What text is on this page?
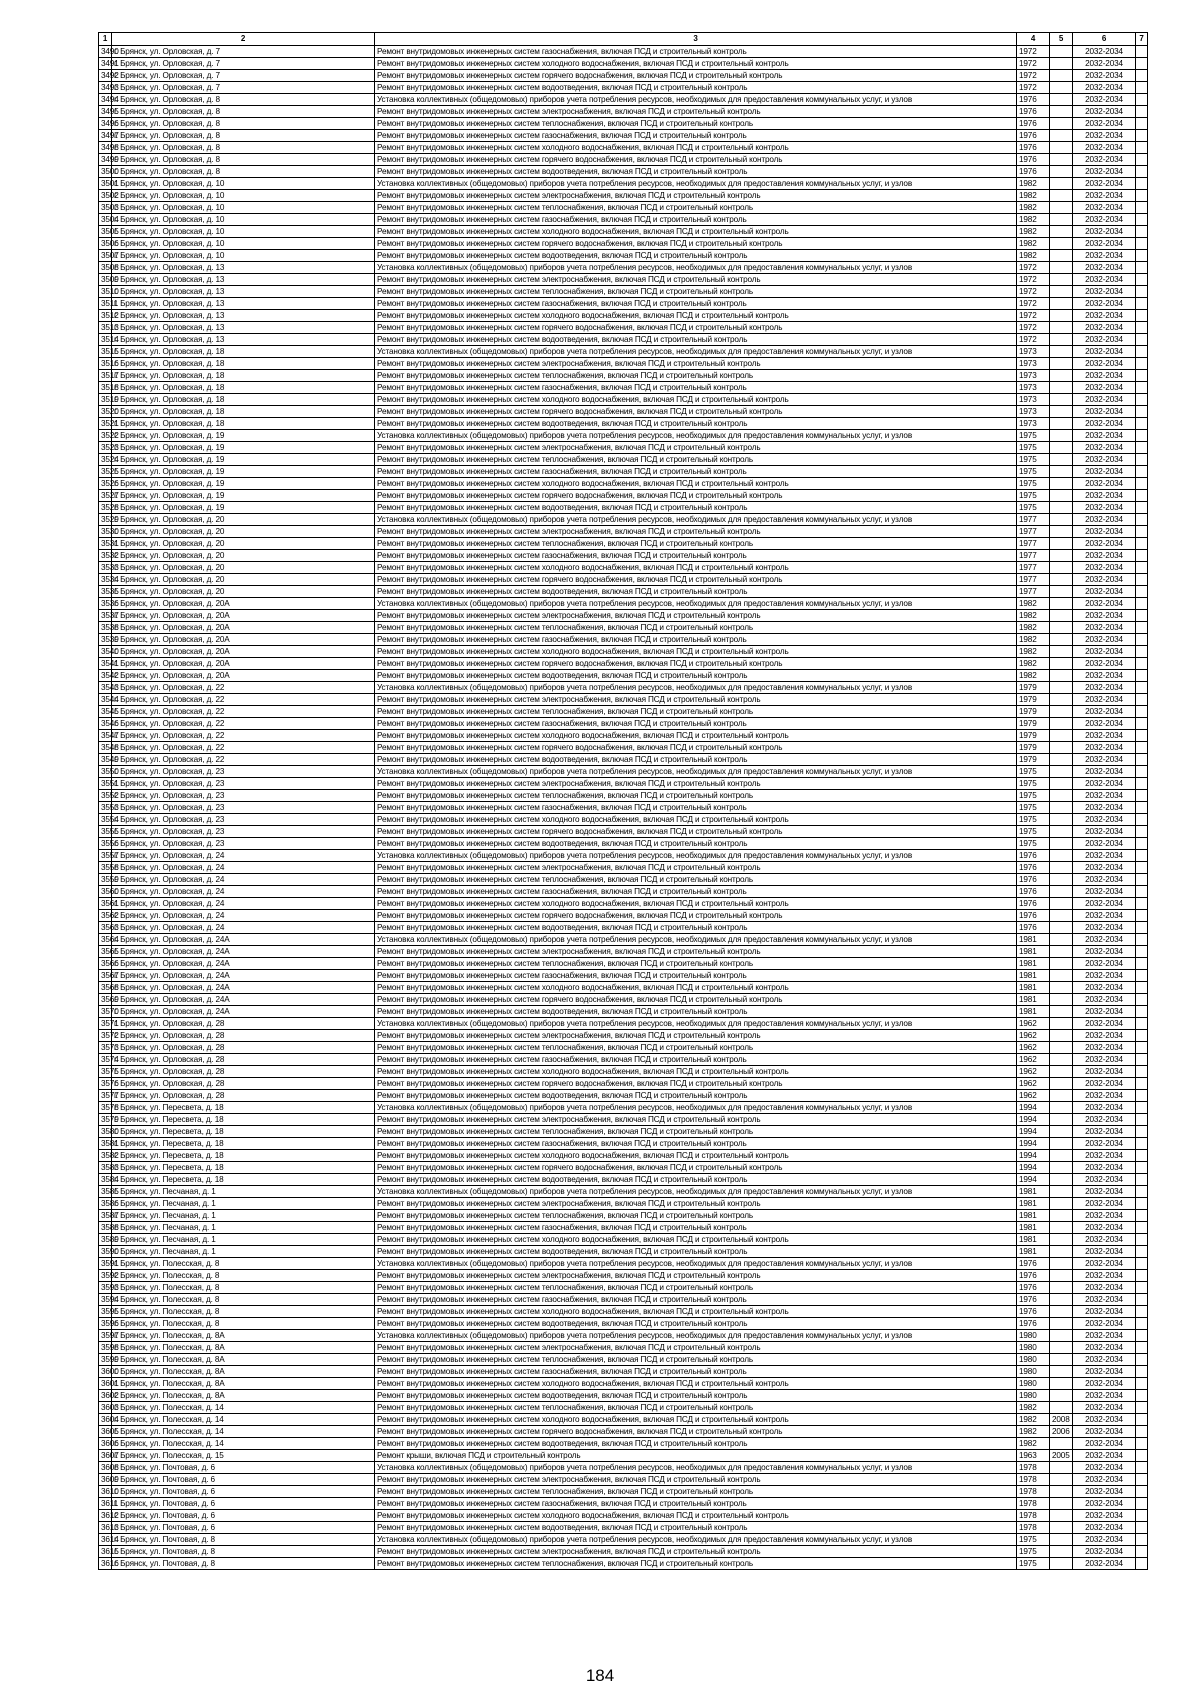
1	2	3	4	5	6	7
3490	г. Брянск, ул. Орловская, д. 7	Ремонт внутридомовых инженерных систем газоснабжения, включая ПСД и строительный контроль	1972		2032-2034	
3491	г. Брянск, ул. Орловская, д. 7	Ремонт внутридомовых инженерных систем холодного водоснабжения, включая ПСД и строительный контроль	1972		2032-2034	
3492	г. Брянск, ул. Орловская, д. 7	Ремонт внутридомовых инженерных систем горячего водоснабжения, включая ПСД и строительный контроль	1972		2032-2034	
3493	г. Брянск, ул. Орловская, д. 7	Ремонт внутридомовых инженерных систем водоотведения, включая ПСД и строительный контроль	1972		2032-2034	
3494	г. Брянск, ул. Орловская, д. 8	Установка коллективных (общедомовых) приборов учета потребления ресурсов, необходимых для предоставления коммунальных услуг, и узлов	1976		2032-2034	
3495	г. Брянск, ул. Орловская, д. 8	Ремонт внутридомовых инженерных систем электроснабжения, включая ПСД и строительный контроль	1976		2032-2034	
3496	г. Брянск, ул. Орловская, д. 8	Ремонт внутридомовых инженерных систем теплоснабжения, включая ПСД и строительный контроль	1976		2032-2034	
3497	г. Брянск, ул. Орловская, д. 8	Ремонт внутридомовых инженерных систем газоснабжения, включая ПСД и строительный контроль	1976		2032-2034	
3498	г. Брянск, ул. Орловская, д. 8	Ремонт внутридомовых инженерных систем холодного водоснабжения, включая ПСД и строительный контроль	1976		2032-2034	
3499	г. Брянск, ул. Орловская, д. 8	Ремонт внутридомовых инженерных систем горячего водоснабжения, включая ПСД и строительный контроль	1976		2032-2034	
3500	г. Брянск, ул. Орловская, д. 8	Ремонт внутридомовых инженерных систем водоотведения, включая ПСД и строительный контроль	1976		2032-2034	
3501	г. Брянск, ул. Орловская, д. 10	Установка коллективных (общедомовых) приборов учета потребления ресурсов, необходимых для предоставления коммунальных услуг, и узлов	1982		2032-2034	
3502	г. Брянск, ул. Орловская, д. 10	Ремонт внутридомовых инженерных систем электроснабжения, включая ПСД и строительный контроль	1982		2032-2034	
3503	г. Брянск, ул. Орловская, д. 10	Ремонт внутридомовых инженерных систем теплоснабжения, включая ПСД и строительный контроль	1982		2032-2034	
3504	г. Брянск, ул. Орловская, д. 10	Ремонт внутридомовых инженерных систем газоснабжения, включая ПСД и строительный контроль	1982		2032-2034	
3505	г. Брянск, ул. Орловская, д. 10	Ремонт внутридомовых инженерных систем холодного водоснабжения, включая ПСД и строительный контроль	1982		2032-2034	
3506	г. Брянск, ул. Орловская, д. 10	Ремонт внутридомовых инженерных систем горячего водоснабжения, включая ПСД и строительный контроль	1982		2032-2034	
3507	г. Брянск, ул. Орловская, д. 10	Ремонт внутридомовых инженерных систем водоотведения, включая ПСД и строительный контроль	1982		2032-2034	
3508	г. Брянск, ул. Орловская, д. 13	Установка коллективных (общедомовых) приборов учета потребления ресурсов, необходимых для предоставления коммунальных услуг, и узлов	1972		2032-2034	
3509	г. Брянск, ул. Орловская, д. 13	Ремонт внутридомовых инженерных систем электроснабжения, включая ПСД и строительный контроль	1972		2032-2034	
3510	г. Брянск, ул. Орловская, д. 13	Ремонт внутридомовых инженерных систем теплоснабжения, включая ПСД и строительный контроль	1972		2032-2034	
3511	г. Брянск, ул. Орловская, д. 13	Ремонт внутридомовых инженерных систем газоснабжения, включая ПСД и строительный контроль	1972		2032-2034	
3512	г. Брянск, ул. Орловская, д. 13	Ремонт внутридомовых инженерных систем холодного водоснабжения, включая ПСД и строительный контроль	1972		2032-2034	
3513	г. Брянск, ул. Орловская, д. 13	Ремонт внутридомовых инженерных систем горячего водоснабжения, включая ПСД и строительный контроль	1972		2032-2034	
3514	г. Брянск, ул. Орловская, д. 13	Ремонт внутридомовых инженерных систем водоотведения, включая ПСД и строительный контроль	1972		2032-2034	
3515	г. Брянск, ул. Орловская, д. 18	Установка коллективных (общедомовых) приборов учета потребления ресурсов, необходимых для предоставления коммунальных услуг, и узлов	1973		2032-2034	
3516	г. Брянск, ул. Орловская, д. 18	Ремонт внутридомовых инженерных систем электроснабжения, включая ПСД и строительный контроль	1973		2032-2034	
3517	г. Брянск, ул. Орловская, д. 18	Ремонт внутридомовых инженерных систем теплоснабжения, включая ПСД и строительный контроль	1973		2032-2034	
3518	г. Брянск, ул. Орловская, д. 18	Ремонт внутридомовых инженерных систем газоснабжения, включая ПСД и строительный контроль	1973		2032-2034	
3519	г. Брянск, ул. Орловская, д. 18	Ремонт внутридомовых инженерных систем холодного водоснабжения, включая ПСД и строительный контроль	1973		2032-2034	
3520	г. Брянск, ул. Орловская, д. 18	Ремонт внутридомовых инженерных систем горячего водоснабжения, включая ПСД и строительный контроль	1973		2032-2034	
3521	г. Брянск, ул. Орловская, д. 18	Ремонт внутридомовых инженерных систем водоотведения, включая ПСД и строительный контроль	1973		2032-2034	
3522	г. Брянск, ул. Орловская, д. 19	Установка коллективных (общедомовых) приборов учета потребления ресурсов, необходимых для предоставления коммунальных услуг, и узлов	1975		2032-2034	
3523	г. Брянск, ул. Орловская, д. 19	Ремонт внутридомовых инженерных систем электроснабжения, включая ПСД и строительный контроль	1975		2032-2034	
3524	г. Брянск, ул. Орловская, д. 19	Ремонт внутридомовых инженерных систем теплоснабжения, включая ПСД и строительный контроль	1975		2032-2034	
3525	г. Брянск, ул. Орловская, д. 19	Ремонт внутридомовых инженерных систем газоснабжения, включая ПСД и строительный контроль	1975		2032-2034	
3526	г. Брянск, ул. Орловская, д. 19	Ремонт внутридомовых инженерных систем холодного водоснабжения, включая ПСД и строительный контроль	1975		2032-2034	
3527	г. Брянск, ул. Орловская, д. 19	Ремонт внутридомовых инженерных систем горячего водоснабжения, включая ПСД и строительный контроль	1975		2032-2034	
3528	г. Брянск, ул. Орловская, д. 19	Ремонт внутридомовых инженерных систем водоотведения, включая ПСД и строительный контроль	1975		2032-2034	
3529	г. Брянск, ул. Орловская, д. 20	Установка коллективных (общедомовых) приборов учета потребления ресурсов, необходимых для предоставления коммунальных услуг, и узлов	1977		2032-2034	
3530	г. Брянск, ул. Орловская, д. 20	Ремонт внутридомовых инженерных систем электроснабжения, включая ПСД и строительный контроль	1977		2032-2034	
3531	г. Брянск, ул. Орловская, д. 20	Ремонт внутридомовых инженерных систем теплоснабжения, включая ПСД и строительный контроль	1977		2032-2034	
3532	г. Брянск, ул. Орловская, д. 20	Ремонт внутридомовых инженерных систем газоснабжения, включая ПСД и строительный контроль	1977		2032-2034	
3533	г. Брянск, ул. Орловская, д. 20	Ремонт внутридомовых инженерных систем холодного водоснабжения, включая ПСД и строительный контроль	1977		2032-2034	
3534	г. Брянск, ул. Орловская, д. 20	Ремонт внутридомовых инженерных систем горячего водоснабжения, включая ПСД и строительный контроль	1977		2032-2034	
3535	г. Брянск, ул. Орловская, д. 20	Ремонт внутридомовых инженерных систем водоотведения, включая ПСД и строительный контроль	1977		2032-2034	
3536	г. Брянск, ул. Орловская, д. 20А	Установка коллективных (общедомовых) приборов учета потребления ресурсов, необходимых для предоставления коммунальных услуг, и узлов	1982		2032-2034	
3537	г. Брянск, ул. Орловская, д. 20А	Ремонт внутридомовых инженерных систем электроснабжения, включая ПСД и строительный контроль	1982		2032-2034	
3538	г. Брянск, ул. Орловская, д. 20А	Ремонт внутридомовых инженерных систем теплоснабжения, включая ПСД и строительный контроль	1982		2032-2034	
3539	г. Брянск, ул. Орловская, д. 20А	Ремонт внутридомовых инженерных систем газоснабжения, включая ПСД и строительный контроль	1982		2032-2034	
3540	г. Брянск, ул. Орловская, д. 20А	Ремонт внутридомовых инженерных систем холодного водоснабжения, включая ПСД и строительный контроль	1982		2032-2034	
3541	г. Брянск, ул. Орловская, д. 20А	Ремонт внутридомовых инженерных систем горячего водоснабжения, включая ПСД и строительный контроль	1982		2032-2034	
3542	г. Брянск, ул. Орловская, д. 20А	Ремонт внутридомовых инженерных систем водоотведения, включая ПСД и строительный контроль	1982		2032-2034	
3543	г. Брянск, ул. Орловская, д. 22	Установка коллективных (общедомовых) приборов учета потребления ресурсов, необходимых для предоставления коммунальных услуг, и узлов	1979		2032-2034	
3544	г. Брянск, ул. Орловская, д. 22	Ремонт внутридомовых инженерных систем электроснабжения, включая ПСД и строительный контроль	1979		2032-2034	
3545	г. Брянск, ул. Орловская, д. 22	Ремонт внутридомовых инженерных систем теплоснабжения, включая ПСД и строительный контроль	1979		2032-2034	
3546	г. Брянск, ул. Орловская, д. 22	Ремонт внутридомовых инженерных систем газоснабжения, включая ПСД и строительный контроль	1979		2032-2034	
3547	г. Брянск, ул. Орловская, д. 22	Ремонт внутридомовых инженерных систем холодного водоснабжения, включая ПСД и строительный контроль	1979		2032-2034	
3548	г. Брянск, ул. Орловская, д. 22	Ремонт внутридомовых инженерных систем горячего водоснабжения, включая ПСД и строительный контроль	1979		2032-2034	
3549	г. Брянск, ул. Орловская, д. 22	Ремонт внутридомовых инженерных систем водоотведения, включая ПСД и строительный контроль	1979		2032-2034	
3550	г. Брянск, ул. Орловская, д. 23	Установка коллективных (общедомовых) приборов учета потребления ресурсов, необходимых для предоставления коммунальных услуг, и узлов	1975		2032-2034	
3551	г. Брянск, ул. Орловская, д. 23	Ремонт внутридомовых инженерных систем электроснабжения, включая ПСД и строительный контроль	1975		2032-2034	
3552	г. Брянск, ул. Орловская, д. 23	Ремонт внутридомовых инженерных систем теплоснабжения, включая ПСД и строительный контроль	1975		2032-2034	
3553	г. Брянск, ул. Орловская, д. 23	Ремонт внутридомовых инженерных систем газоснабжения, включая ПСД и строительный контроль	1975		2032-2034	
3554	г. Брянск, ул. Орловская, д. 23	Ремонт внутридомовых инженерных систем холодного водоснабжения, включая ПСД и строительный контроль	1975		2032-2034	
3555	г. Брянск, ул. Орловская, д. 23	Ремонт внутридомовых инженерных систем горячего водоснабжения, включая ПСД и строительный контроль	1975		2032-2034	
3556	г. Брянск, ул. Орловская, д. 23	Ремонт внутридомовых инженерных систем водоотведения, включая ПСД и строительный контроль	1975		2032-2034	
3557	г. Брянск, ул. Орловская, д. 24	Установка коллективных (общедомовых) приборов учета потребления ресурсов, необходимых для предоставления коммунальных услуг, и узлов	1976		2032-2034	
3558	г. Брянск, ул. Орловская, д. 24	Ремонт внутридомовых инженерных систем электроснабжения, включая ПСД и строительный контроль	1976		2032-2034	
3559	г. Брянск, ул. Орловская, д. 24	Ремонт внутридомовых инженерных систем теплоснабжения, включая ПСД и строительный контроль	1976		2032-2034	
3560	г. Брянск, ул. Орловская, д. 24	Ремонт внутридомовых инженерных систем газоснабжения, включая ПСД и строительный контроль	1976		2032-2034	
3561	г. Брянск, ул. Орловская, д. 24	Ремонт внутридомовых инженерных систем холодного водоснабжения, включая ПСД и строительный контроль	1976		2032-2034	
3562	г. Брянск, ул. Орловская, д. 24	Ремонт внутридомовых инженерных систем горячего водоснабжения, включая ПСД и строительный контроль	1976		2032-2034	
3563	г. Брянск, ул. Орловская, д. 24	Ремонт внутридомовых инженерных систем водоотведения, включая ПСД и строительный контроль	1976		2032-2034	
3564	г. Брянск, ул. Орловская, д. 24А	Установка коллективных (общедомовых) приборов учета потребления ресурсов, необходимых для предоставления коммунальных услуг, и узлов	1981		2032-2034	
3565	г. Брянск, ул. Орловская, д. 24А	Ремонт внутридомовых инженерных систем электроснабжения, включая ПСД и строительный контроль	1981		2032-2034	
3566	г. Брянск, ул. Орловская, д. 24А	Ремонт внутридомовых инженерных систем теплоснабжения, включая ПСД и строительный контроль	1981		2032-2034	
3567	г. Брянск, ул. Орловская, д. 24А	Ремонт внутридомовых инженерных систем газоснабжения, включая ПСД и строительный контроль	1981		2032-2034	
3568	г. Брянск, ул. Орловская, д. 24А	Ремонт внутридомовых инженерных систем холодного водоснабжения, включая ПСД и строительный контроль	1981		2032-2034	
3569	г. Брянск, ул. Орловская, д. 24А	Ремонт внутридомовых инженерных систем горячего водоснабжения, включая ПСД и строительный контроль	1981		2032-2034	
3570	г. Брянск, ул. Орловская, д. 24А	Ремонт внутридомовых инженерных систем водоотведения, включая ПСД и строительный контроль	1981		2032-2034	
3571	г. Брянск, ул. Орловская, д. 28	Установка коллективных (общедомовых) приборов учета потребления ресурсов, необходимых для предоставления коммунальных услуг, и узлов	1962		2032-2034	
3572	г. Брянск, ул. Орловская, д. 28	Ремонт внутридомовых инженерных систем электроснабжения, включая ПСД и строительный контроль	1962		2032-2034	
3573	г. Брянск, ул. Орловская, д. 28	Ремонт внутридомовых инженерных систем теплоснабжения, включая ПСД и строительный контроль	1962		2032-2034	
3574	г. Брянск, ул. Орловская, д. 28	Ремонт внутридомовых инженерных систем газоснабжения, включая ПСД и строительный контроль	1962		2032-2034	
3575	г. Брянск, ул. Орловская, д. 28	Ремонт внутридомовых инженерных систем холодного водоснабжения, включая ПСД и строительный контроль	1962		2032-2034	
3576	г. Брянск, ул. Орловская, д. 28	Ремонт внутридомовых инженерных систем горячего водоснабжения, включая ПСД и строительный контроль	1962		2032-2034	
3577	г. Брянск, ул. Орловская, д. 28	Ремонт внутридомовых инженерных систем водоотведения, включая ПСД и строительный контроль	1962		2032-2034	
3578	г. Брянск, ул. Пересвета, д. 18	Установка коллективных (общедомовых) приборов учета потребления ресурсов, необходимых для предоставления коммунальных услуг, и узлов	1994		2032-2034	
3579	г. Брянск, ул. Пересвета, д. 18	Ремонт внутридомовых инженерных систем электроснабжения, включая ПСД и строительный контроль	1994		2032-2034	
3580	г. Брянск, ул. Пересвета, д. 18	Ремонт внутридомовых инженерных систем теплоснабжения, включая ПСД и строительный контроль	1994		2032-2034	
3581	г. Брянск, ул. Пересвета, д. 18	Ремонт внутридомовых инженерных систем газоснабжения, включая ПСД и строительный контроль	1994		2032-2034	
3582	г. Брянск, ул. Пересвета, д. 18	Ремонт внутридомовых инженерных систем холодного водоснабжения, включая ПСД и строительный контроль	1994		2032-2034	
3583	г. Брянск, ул. Пересвета, д. 18	Ремонт внутридомовых инженерных систем горячего водоснабжения, включая ПСД и строительный контроль	1994		2032-2034	
3584	г. Брянск, ул. Пересвета, д. 18	Ремонт внутридомовых инженерных систем водоотведения, включая ПСД и строительный контроль	1994		2032-2034	
3585	г. Брянск, ул. Песчаная, д. 1	Установка коллективных (общедомовых) приборов учета потребления ресурсов, необходимых для предоставления коммунальных услуг, и узлов	1981		2032-2034	
3586	г. Брянск, ул. Песчаная, д. 1	Ремонт внутридомовых инженерных систем электроснабжения, включая ПСД и строительный контроль	1981		2032-2034	
3587	г. Брянск, ул. Песчаная, д. 1	Ремонт внутридомовых инженерных систем теплоснабжения, включая ПСД и строительный контроль	1981		2032-2034	
3588	г. Брянск, ул. Песчаная, д. 1	Ремонт внутридомовых инженерных систем газоснабжения, включая ПСД и строительный контроль	1981		2032-2034	
3589	г. Брянск, ул. Песчаная, д. 1	Ремонт внутридомовых инженерных систем холодного водоснабжения, включая ПСД и строительный контроль	1981		2032-2034	
3590	г. Брянск, ул. Песчаная, д. 1	Ремонт внутридомовых инженерных систем водоотведения, включая ПСД и строительный контроль	1981		2032-2034	
3591	г. Брянск, ул. Полесская, д. 8	Установка коллективных (общедомовых) приборов учета потребления ресурсов, необходимых для предоставления коммунальных услуг, и узлов	1976		2032-2034	
3592	г. Брянск, ул. Полесская, д. 8	Ремонт внутридомовых инженерных систем электроснабжения, включая ПСД и строительный контроль	1976		2032-2034	
3593	г. Брянск, ул. Полесская, д. 8	Ремонт внутридомовых инженерных систем теплоснабжения, включая ПСД и строительный контроль	1976		2032-2034	
3594	г. Брянск, ул. Полесская, д. 8	Ремонт внутридомовых инженерных систем газоснабжения, включая ПСД и строительный контроль	1976		2032-2034	
3595	г. Брянск, ул. Полесская, д. 8	Ремонт внутридомовых инженерных систем холодного водоснабжения, включая ПСД и строительный контроль	1976		2032-2034	
3596	г. Брянск, ул. Полесская, д. 8	Ремонт внутридомовых инженерных систем водоотведения, включая ПСД и строительный контроль	1976		2032-2034	
3597	г. Брянск, ул. Полесская, д. 8А	Установка коллективных (общедомовых) приборов учета потребления ресурсов, необходимых для предоставления коммунальных услуг, и узлов	1980		2032-2034	
3598	г. Брянск, ул. Полесская, д. 8А	Ремонт внутридомовых инженерных систем электроснабжения, включая ПСД и строительный контроль	1980		2032-2034	
3599	г. Брянск, ул. Полесская, д. 8А	Ремонт внутридомовых инженерных систем теплоснабжения, включая ПСД и строительный контроль	1980		2032-2034	
3600	г. Брянск, ул. Полесская, д. 8А	Ремонт внутридомовых инженерных систем газоснабжения, включая ПСД и строительный контроль	1980		2032-2034	
3601	г. Брянск, ул. Полесская, д. 8А	Ремонт внутридомовых инженерных систем холодного водоснабжения, включая ПСД и строительный контроль	1980		2032-2034	
3602	г. Брянск, ул. Полесская, д. 8А	Ремонт внутридомовых инженерных систем водоотведения, включая ПСД и строительный контроль	1980		2032-2034	
3603	г. Брянск, ул. Полесская, д. 14	Ремонт внутридомовых инженерных систем теплоснабжения, включая ПСД и строительный контроль	1982		2032-2034	
3604	г. Брянск, ул. Полесская, д. 14	Ремонт внутридомовых инженерных систем холодного водоснабжения, включая ПСД и строительный контроль	1982	2008	2032-2034	
3605	г. Брянск, ул. Полесская, д. 14	Ремонт внутридомовых инженерных систем горячего водоснабжения, включая ПСД и строительный контроль	1982	2006	2032-2034	
3606	г. Брянск, ул. Полесская, д. 14	Ремонт внутридомовых инженерных систем водоотведения, включая ПСД и строительный контроль	1982		2032-2034	
3607	г. Брянск, ул. Полесская, д. 15	Ремонт крыши, включая ПСД и строительный контроль	1963	2005	2032-2034	
3608	г. Брянск, ул. Почтовая, д. 6	Установка коллективных (общедомовых) приборов учета потребления ресурсов, необходимых для предоставления коммунальных услуг, и узлов	1978		2032-2034	
3609	г. Брянск, ул. Почтовая, д. 6	Ремонт внутридомовых инженерных систем электроснабжения, включая ПСД и строительный контроль	1978		2032-2034	
3610	г. Брянск, ул. Почтовая, д. 6	Ремонт внутридомовых инженерных систем теплоснабжения, включая ПСД и строительный контроль	1978		2032-2034	
3611	г. Брянск, ул. Почтовая, д. 6	Ремонт внутридомовых инженерных систем газоснабжения, включая ПСД и строительный контроль	1978		2032-2034	
3612	г. Брянск, ул. Почтовая, д. 6	Ремонт внутридомовых инженерных систем холодного водоснабжения, включая ПСД и строительный контроль	1978		2032-2034	
3613	г. Брянск, ул. Почтовая, д. 6	Ремонт внутридомовых инженерных систем водоотведения, включая ПСД и строительный контроль	1978		2032-2034	
3614	г. Брянск, ул. Почтовая, д. 8	Установка коллективных (общедомовых) приборов учета потребления ресурсов, необходимых для предоставления коммунальных услуг, и узлов	1975		2032-2034	
3615	г. Брянск, ул. Почтовая, д. 8	Ремонт внутридомовых инженерных систем электроснабжения, включая ПСД и строительный контроль	1975		2032-2034	
3616	г. Брянск, ул. Почтовая, д. 8	Ремонт внутридомовых инженерных систем теплоснабжения, включая ПСД и строительный контроль	1975		2032-2034	
184
